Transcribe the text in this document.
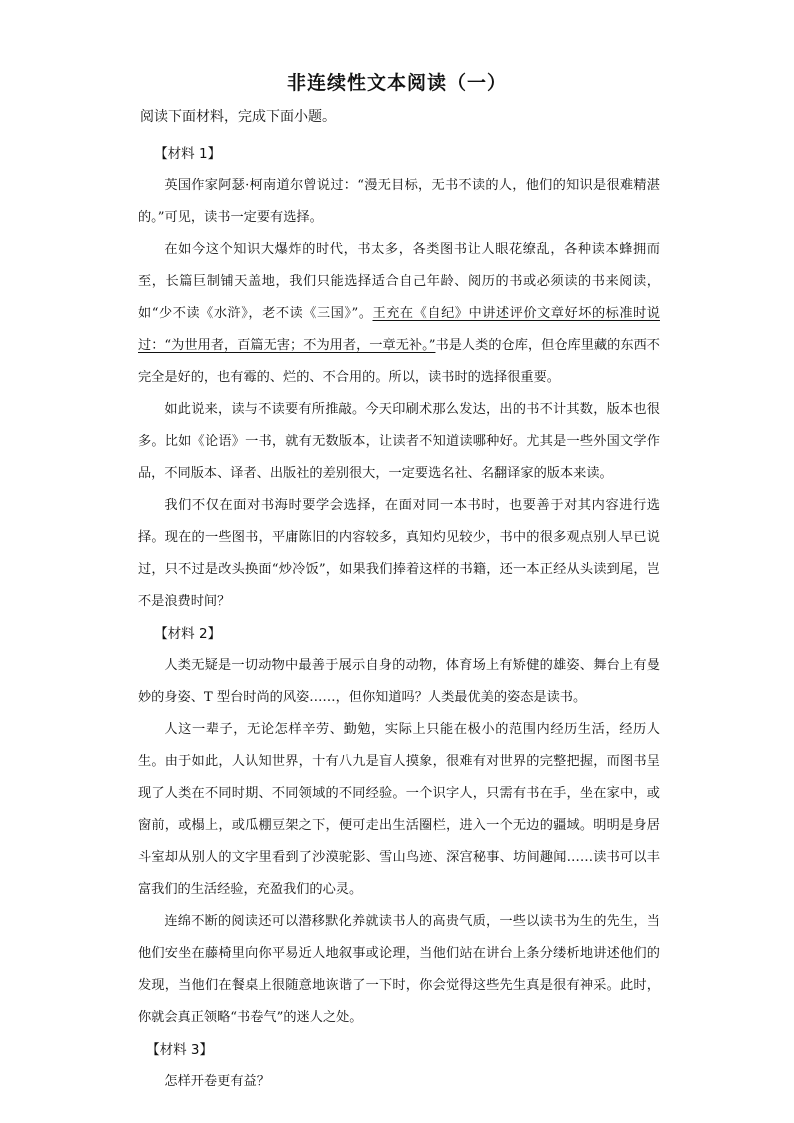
非连续性文本阅读（一）
阅读下面材料，完成下面小题。

【材料 1】

英国作家阿瑟·柯南道尔曾说过：“漫无目标，无书不读的人，他们的知识是很难精湛的。”可见，读书一定要有选择。

在如今这个知识大爆炸的时代，书太多，各类图书让人眼花缭乱，各种读本蜂拥而至，长篇巨制铺天盖地，我们只能选择适合自己年龄、阅历的书或必须读的书来阅读，如“少不读《水浒》，老不读《三国》”。王充在《自纪》中讲述评价文章好坏的标准时说过：“为世用者，百篇无害；不为用者，一章无补。”书是人类的仓库，但仓库里藏的东西不完全是好的，也有霉的、烂的、不合用的。所以，读书时的选择很重要。

如此说来，读与不读要有所推敲。今天印刷术那么发达，出的书不计其数，版本也很多。比如《论语》一书，就有无数版本，让读者不知道读哪种好。尤其是一些外国文学作品，不同版本、译者、出版社的差别很大，一定要选名社、名翻译家的版本来读。

我们不仅在面对书海时要学会选择，在面对同一本书时，也要善于对其内容进行选择。现在的一些图书，平庸陈旧的内容较多，真知灼见较少，书中的很多观点别人早已说过，只不过是改头换面“炒冷饭”，如果我们捧着这样的书籍，还一本正经从头读到尾，岂不是浪费时间？

【材料 2】

人类无疑是一切动物中最善于展示自身的动物，体育场上有矫健的雄姿、舞台上有曼妙的身姿、T 型台时尚的风姿……，但你知道吗？人类最优美的姿态是读书。

人这一辈子，无论怎样辛劳、勤勉，实际上只能在极小的范围内经历生活，经历人生。由于如此，人认知世界，十有八九是盲人摸象，很难有对世界的完整把握，而图书呈现了人类在不同时期、不同领域的不同经验。一个识字人，只需有书在手，坐在家中，或窗前，或榻上，或瓜棚豆架之下，便可走出生活圈栏，进入一个无边的疆域。明明是身居斗室却从别人的文字里看到了沙漠驼影、雪山鸟迹、深宫秘事、坊间趣闻……读书可以丰富我们的生活经验，充盈我们的心灵。

连绵不断的阅读还可以潜移默化养就读书人的高贵气质，一些以读书为生的先生，当他们安坐在藤椅里向你平易近人地叙事或论理，当他们站在讲台上条分缕析地讲述他们的发现，当他们在餐桌上很随意地诙谐了一下时，你会觉得这些先生真是很有神采。此时，你就会真正领略“书卷气”的迷人之处。

【材料 3】

怎样开卷更有益？
